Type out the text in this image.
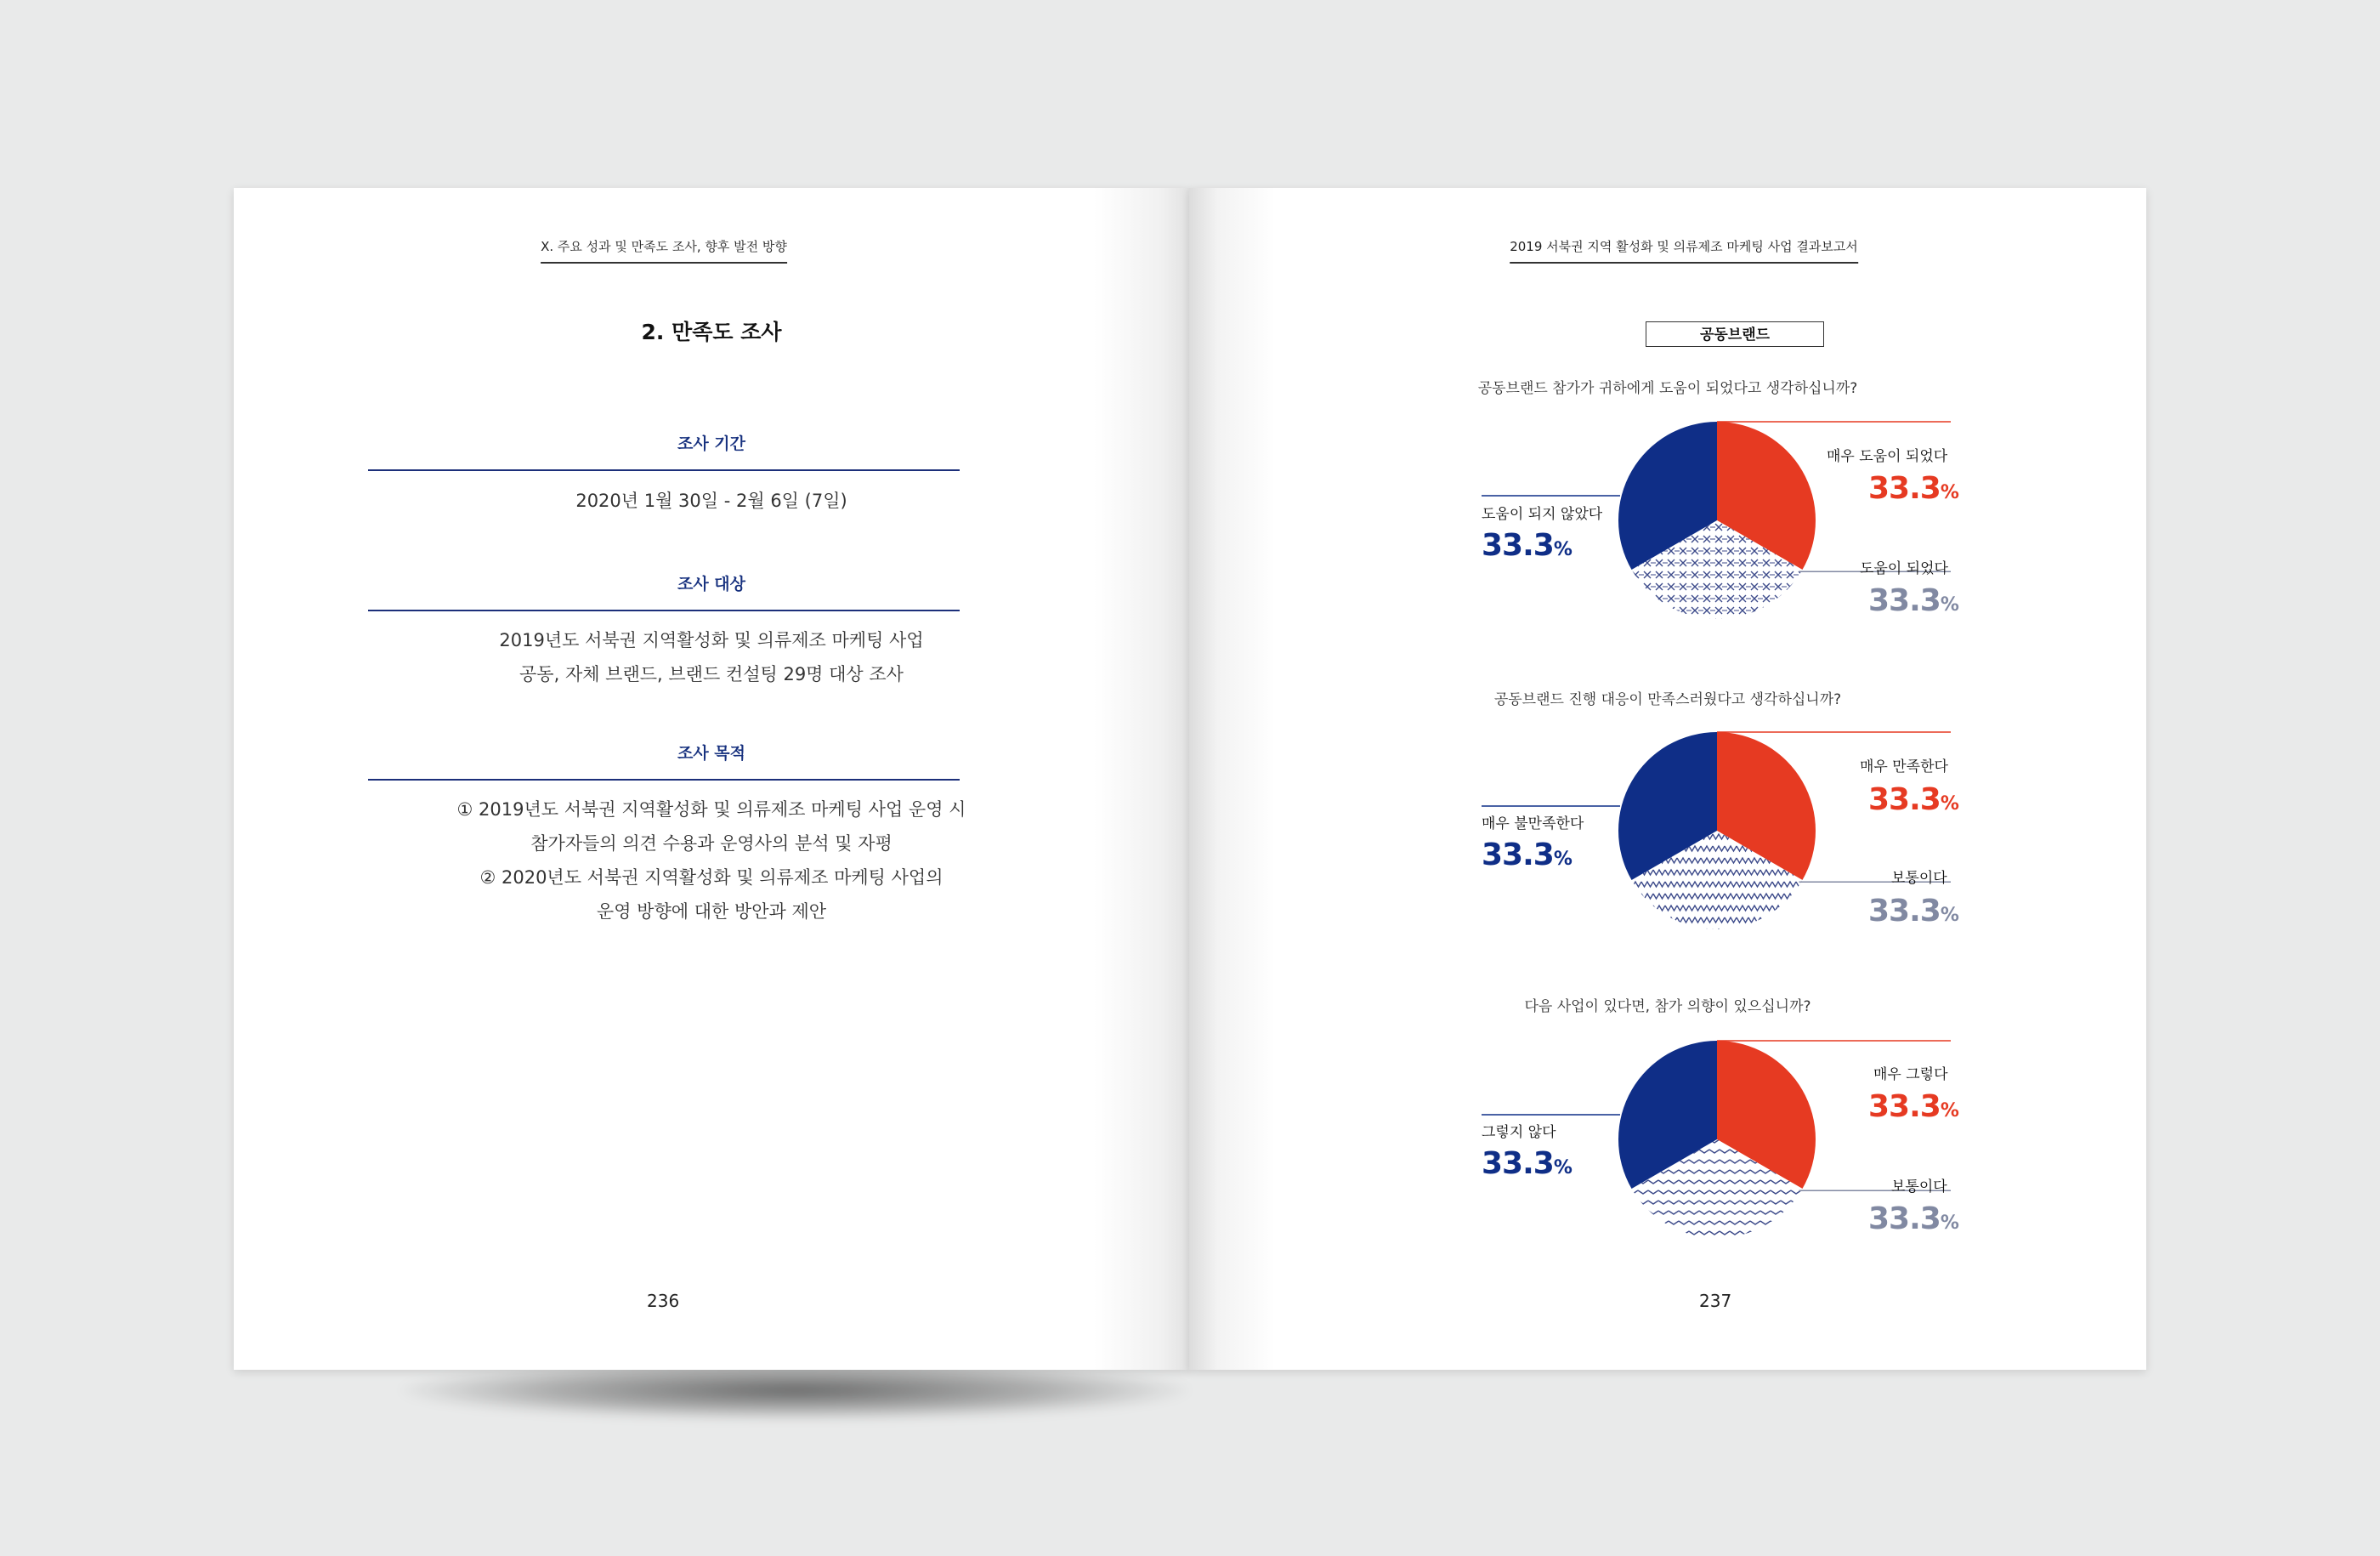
X. 주요 성과 및 만족도 조사, 향후 발전 방향
2. 만족도 조사
조사 기간
2020년 1월 30일 - 2월 6일 (7일)
조사 대상
2019년도 서북권 지역활성화 및 의류제조 마케팅 사업
공동, 자체 브랜드, 브랜드 컨설팅 29명 대상 조사
조사 목적
① 2019년도 서북권 지역활성화 및 의류제조 마케팅 사업 운영 시
참가자들의 의견 수용과 운영사의 분석 및 자평
② 2020년도 서북권 지역활성화 및 의류제조 마케팅 사업의
운영 방향에 대한 방안과 제안
236
2019 서북권 지역 활성화 및 의류제조 마케팅 사업 결과보고서
공동브랜드
공동브랜드 참가가 귀하에게 도움이 되었다고 생각하십니까?
매우 도움이 되었다
33.3%
도움이 되었다
33.3%
도움이 되지 않았다
33.3%
공동브랜드 진행 대응이 만족스러웠다고 생각하십니까?
매우 만족한다
33.3%
보통이다
33.3%
매우 불만족한다
33.3%
다음 사업이 있다면, 참가 의향이 있으십니까?
매우 그렇다
33.3%
보통이다
33.3%
그렇지 않다
33.3%
237
